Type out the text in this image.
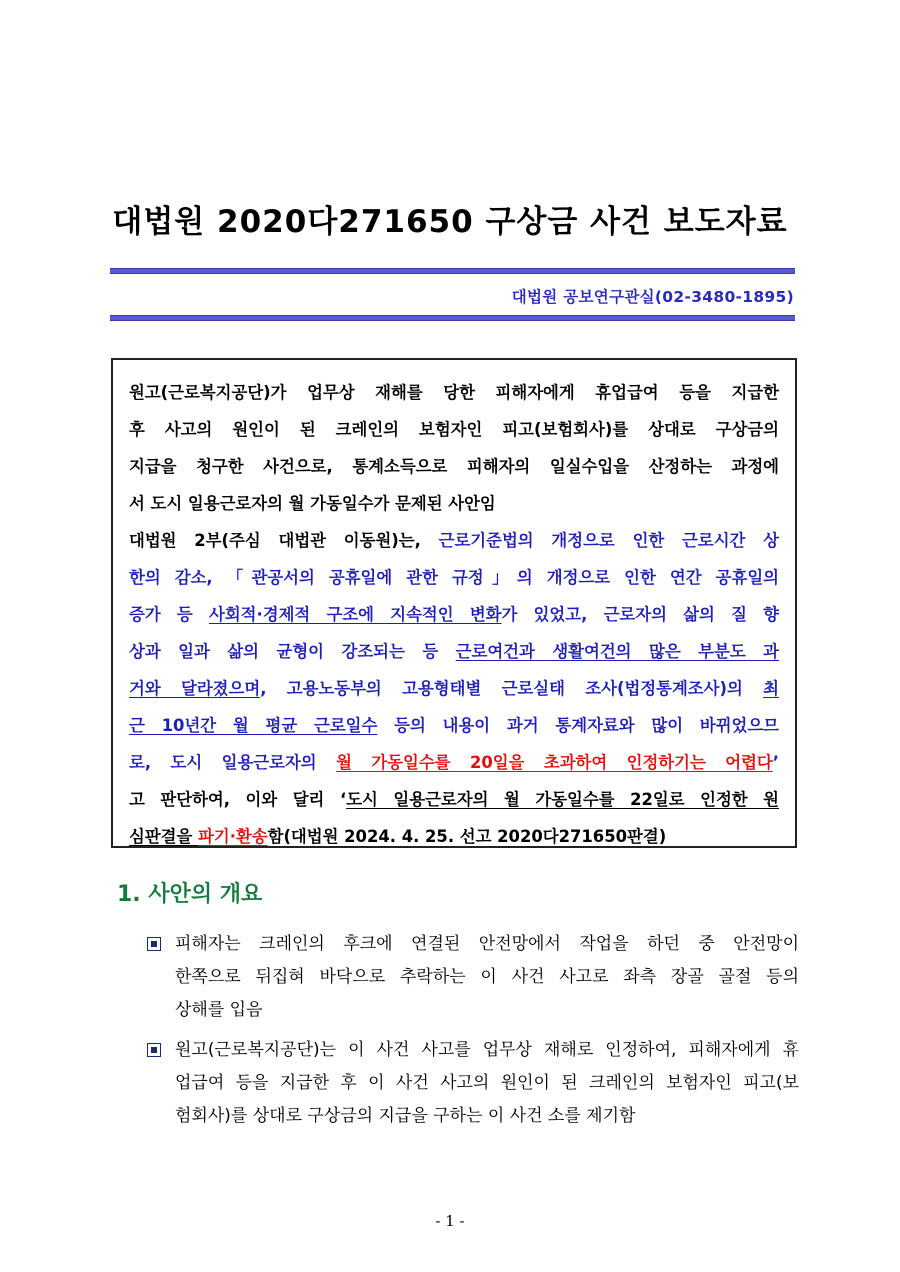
대법원 2020다271650 구상금 사건 보도자료
대법원 공보연구관실(02-3480-1895)
원고(근로복지공단)가 업무상 재해를 당한 피해자에게 휴업급여 등을 지급한
후 사고의 원인이 된 크레인의 보험자인 피고(보험회사)를 상대로 구상금의
지급을 청구한 사건으로, 통계소득으로 피해자의 일실수입을 산정하는 과정에
서 도시 일용근로자의 월 가동일수가 문제된 사안임
대법원 2부(주심 대법관 이동원)는, 근로기준법의 개정으로 인한 근로시간 상
한의 감소, 「관공서의 공휴일에 관한 규정」의 개정으로 인한 연간 공휴일의
증가 등 사회적·경제적 구조에 지속적인 변화가 있었고, 근로자의 삶의 질 향
상과 일과 삶의 균형이 강조되는 등 근로여건과 생활여건의 많은 부분도 과
거와 달라졌으며, 고용노동부의 고용형태별 근로실태 조사(법정통계조사)의 최
근 10년간 월 평균 근로일수 등의 내용이 과거 통계자료와 많이 바뀌었으므
로, 도시 일용근로자의 월 가동일수를 20일을 초과하여 인정하기는 어렵다’
고 판단하여, 이와 달리 ‘도시 일용근로자의 월 가동일수를 22일로 인정한 원
심판결을 파기·환송함(대법원 2024. 4. 25. 선고 2020다271650판결)
1. 사안의 개요
피해자는 크레인의 후크에 연결된 안전망에서 작업을 하던 중 안전망이
한쪽으로 뒤집혀 바닥으로 추락하는 이 사건 사고로 좌측 장골 골절 등의
상해를 입음
원고(근로복지공단)는 이 사건 사고를 업무상 재해로 인정하여, 피해자에게 휴
업급여 등을 지급한 후 이 사건 사고의 원인이 된 크레인의 보험자인 피고(보
험회사)를 상대로 구상금의 지급을 구하는 이 사건 소를 제기함
- 1 -
